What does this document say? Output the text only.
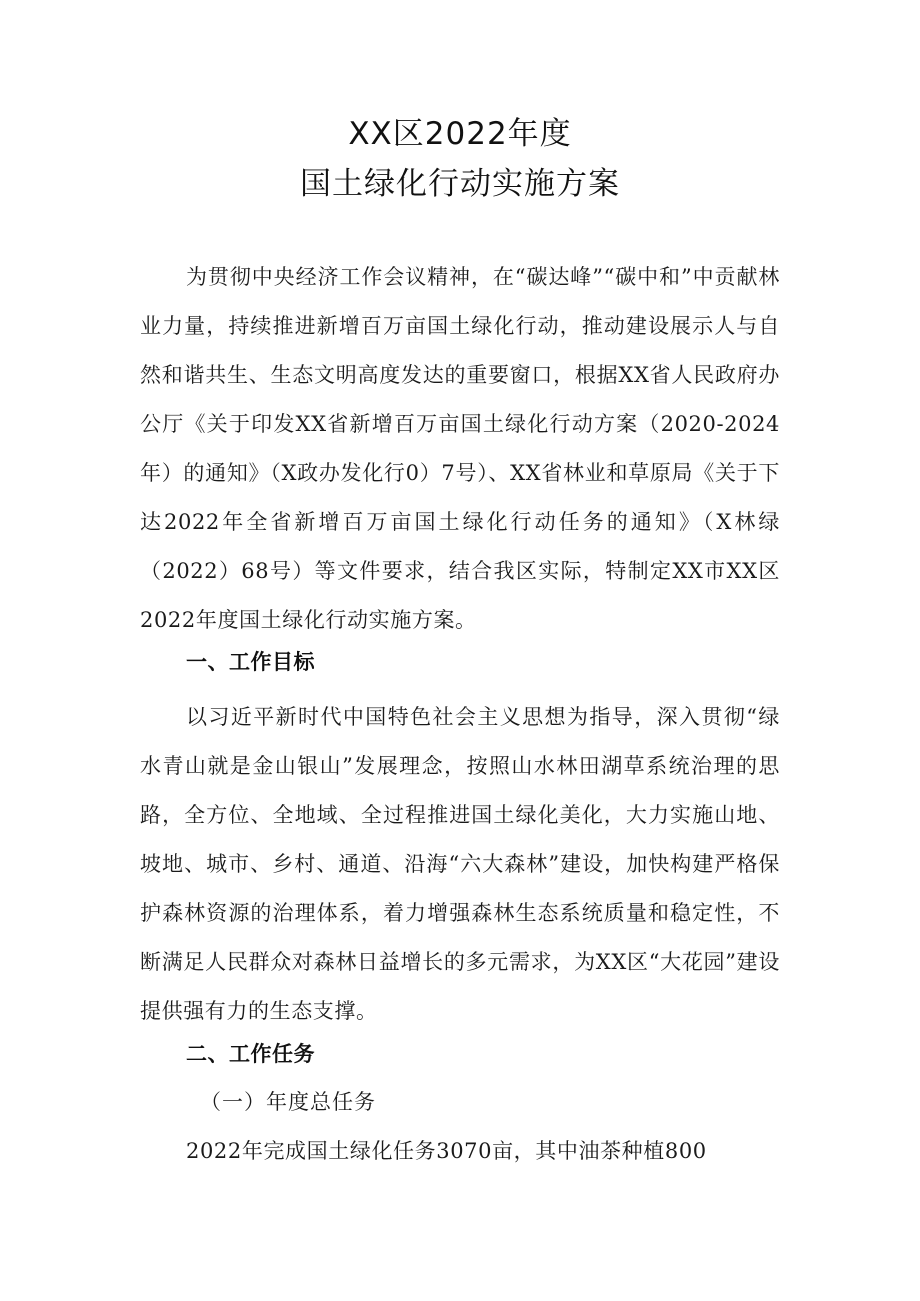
XX区2022年度
国土绿化行动实施方案

为贯彻中央经济工作会议精神，在“碳达峰”“碳中和”中贡献林业力量，持续推进新增百万亩国土绿化行动，推动建设展示人与自然和谐共生、生态文明高度发达的重要窗口，根据XX省人民政府办公厅《关于印发XX省新增百万亩国土绿化行动方案（2020-2024年）的通知》（X政办发化行0）7号）、XX省林业和草原局《关于下达2022年全省新增百万亩国土绿化行动任务的通知》（X林绿（2022）68号）等文件要求，结合我区实际，特制定XX市XX区2022年度国土绿化行动实施方案。

一、工作目标

以习近平新时代中国特色社会主义思想为指导，深入贯彻“绿水青山就是金山银山”发展理念，按照山水林田湖草系统治理的思路，全方位、全地域、全过程推进国土绿化美化，大力实施山地、坡地、城市、乡村、通道、沿海“六大森林”建设，加快构建严格保护森林资源的治理体系，着力增强森林生态系统质量和稳定性，不断满足人民群众对森林日益增长的多元需求，为XX区“大花园”建设提供强有力的生态支撑。

二、工作任务
（一）年度总任务
2022年完成国土绿化任务3070亩，其中油茶种植800
